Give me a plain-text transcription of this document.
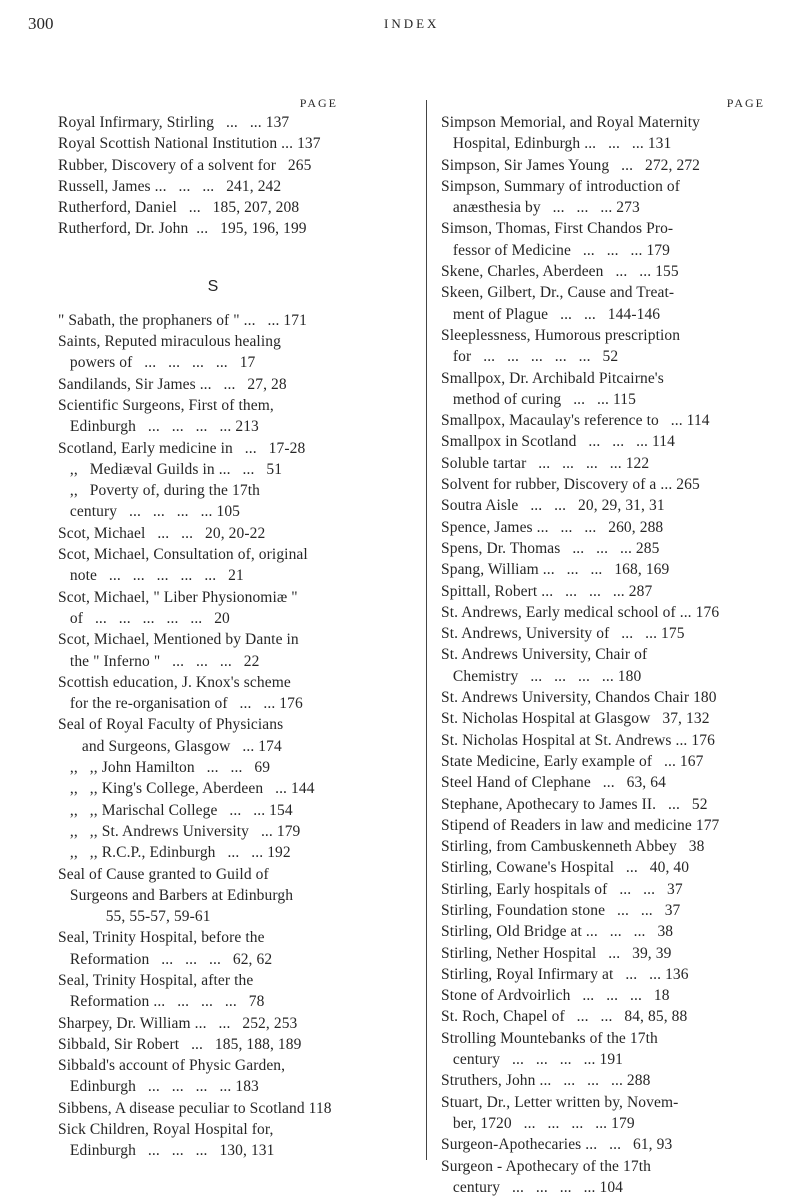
300	INDEX
PAGE
Royal Infirmary, Stirling   ...   ... 137
Royal Scottish National Institution ... 137
Rubber, Discovery of a solvent for   265
Russell, James ...   ...   ...   241, 242
Rutherford, Daniel   ...   185, 207, 208
Rutherford, Dr. John  ...   195, 196, 199
S
" Sabath, the prophaners of " ...   ... 171
Saints, Reputed miraculous healing
powers of   ...   ...   ...   ...   17
Sandilands, Sir James ...   ...   27, 28
Scientific Surgeons, First of them,
Edinburgh   ...   ...   ...   ... 213
Scotland, Early medicine in   ...   17-28
,,   Mediæval Guilds in ...   ...   51
,,   Poverty of, during the 17th
century   ...   ...   ...   ... 105
Scot, Michael   ...   ...   20, 20-22
Scot, Michael, Consultation of, original
note   ...   ...   ...   ...   ...   21
Scot, Michael, " Liber Physionomiæ "
of   ...   ...   ...   ...   ...   20
Scot, Michael, Mentioned by Dante in
the " Inferno "   ...   ...   ...   22
Scottish education, J. Knox's scheme
for the re-organisation of   ...   ... 176
Seal of Royal Faculty of Physicians
and Surgeons, Glasgow   ... 174
,,   ,, John Hamilton   ...   ...   69
,,   ,, King's College, Aberdeen   ... 144
,,   ,, Marischal College   ...   ... 154
,,   ,, St. Andrews University   ... 179
,,   ,, R.C.P., Edinburgh   ...   ... 192
Seal of Cause granted to Guild of
Surgeons and Barbers at Edinburgh
55, 55-57, 59-61
Seal, Trinity Hospital, before the
Reformation   ...   ...   ...   62, 62
Seal, Trinity Hospital, after the
Reformation ...   ...   ...   ...   78
Sharpey, Dr. William ...   ...   252, 253
Sibbald, Sir Robert   ...   185, 188, 189
Sibbald's account of Physic Garden,
Edinburgh   ...   ...   ...   ... 183
Sibbens, A disease peculiar to Scotland 118
Sick Children, Royal Hospital for,
Edinburgh   ...   ...   ...   130, 131
PAGE
Simpson Memorial, and Royal Maternity
Hospital, Edinburgh ...   ...   ... 131
Simpson, Sir James Young   ...   272, 272
Simpson, Summary of introduction of
anæsthesia by   ...   ...   ... 273
Simson, Thomas, First Chandos Pro-
fessor of Medicine   ...   ...   ... 179
Skene, Charles, Aberdeen   ...   ... 155
Skeen, Gilbert, Dr., Cause and Treat-
ment of Plague   ...   ...   144-146
Sleeplessness, Humorous prescription
for   ...   ...   ...   ...   ...   52
Smallpox, Dr. Archibald Pitcairne's
method of curing   ...   ... 115
Smallpox, Macaulay's reference to   ... 114
Smallpox in Scotland   ...   ...   ... 114
Soluble tartar   ...   ...   ...   ... 122
Solvent for rubber, Discovery of a ... 265
Soutra Aisle   ...   ...   20, 29, 31, 31
Spence, James ...   ...   ...   260, 288
Spens, Dr. Thomas   ...   ...   ... 285
Spang, William ...   ...   ...   168, 169
Spittall, Robert ...   ...   ...   ... 287
St. Andrews, Early medical school of ... 176
St. Andrews, University of   ...   ... 175
St. Andrews University, Chair of
Chemistry   ...   ...   ...   ... 180
St. Andrews University, Chandos Chair 180
St. Nicholas Hospital at Glasgow   37, 132
St. Nicholas Hospital at St. Andrews ... 176
State Medicine, Early example of   ... 167
Steel Hand of Clephane   ...   63, 64
Stephane, Apothecary to James II.   ...   52
Stipend of Readers in law and medicine 177
Stirling, from Cambuskenneth Abbey   38
Stirling, Cowane's Hospital   ...   40, 40
Stirling, Early hospitals of   ...   ...   37
Stirling, Foundation stone   ...   ...   37
Stirling, Old Bridge at ...   ...   ...   38
Stirling, Nether Hospital   ...   39, 39
Stirling, Royal Infirmary at   ...   ... 136
Stone of Ardvoirlich   ...   ...   ...   18
St. Roch, Chapel of   ...   ...   84, 85, 88
Strolling Mountebanks of the 17th
century   ...   ...   ...   ... 191
Struthers, John ...   ...   ...   ... 288
Stuart, Dr., Letter written by, Novem-
ber, 1720   ...   ...   ...   ... 179
Surgeon-Apothecaries ...   ...   61, 93
Surgeon - Apothecary of the 17th
century   ...   ...   ...   ... 104
